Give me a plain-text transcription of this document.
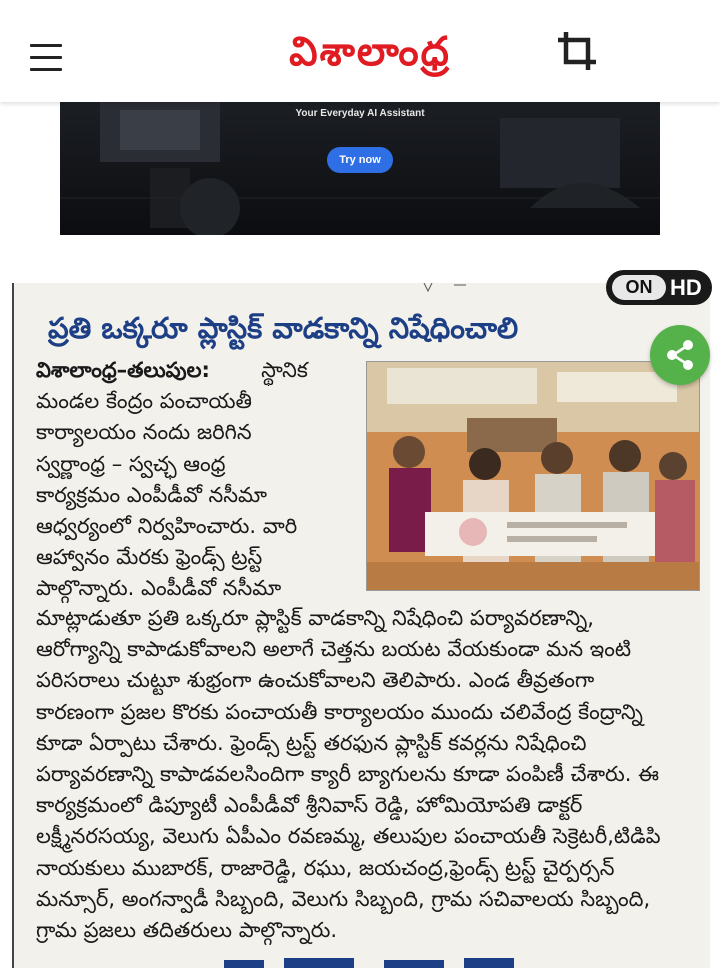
విశాలాంధ్ర
Your Everyday AI Assistant
Try now
ప్రతి ఒక్కరూ ప్లాస్టిక్ వాడకాన్ని నిషేధించాలి
విశాలాంధ్ర–తలుపుల: స్థానిక
మండల కేంద్రం పంచాయతీ
కార్యాలయం నందు జరిగిన
స్వర్ణాంధ్ర – స్వచ్ఛ ఆంధ్ర
కార్యక్రమం ఎంపీడీవో నసీమా
ఆధ్వర్యంలో నిర్వహించారు. వారి
ఆహ్వానం మేరకు ఫ్రెండ్స్ ట్రస్ట్
పాల్గొన్నారు. ఎంపీడీవో నసీమా
మాట్లాడుతూ ప్రతి ఒక్కరూ ప్లాస్టిక్ వాడకాన్ని నిషేధించి పర్యావరణాన్ని,
ఆరోగ్యాన్ని కాపాడుకోవాలని అలాగే చెత్తను బయట వేయకుండా మన ఇంటి
పరిసరాలు చుట్టూ శుభ్రంగా ఉంచుకోవాలని తెలిపారు. ఎండ తీవ్రతంగా
కారణంగా ప్రజల కొరకు పంచాయతీ కార్యాలయం ముందు చలివేంద్ర కేంద్రాన్ని
కూడా ఏర్పాటు చేశారు. ఫ్రెండ్స్ ట్రస్ట్ తరఫున ప్లాస్టిక్ కవర్లను నిషేధించి
పర్యావరణాన్ని కాపాడవలసిందిగా క్యారీ బ్యాగులను కూడా పంపిణీ చేశారు. ఈ
కార్యక్రమంలో డిప్యూటీ ఎంపీడీవో శ్రీనివాస్ రెడ్డి, హోమియోపతి డాక్టర్
లక్ష్మీనరసయ్య, వెలుగు ఏపీఎం రవణమ్మ, తలుపుల పంచాయతీ సెక్రెటరీ,టిడిపి
నాయకులు ముబారక్, రాజారెడ్డి, రఘు, జయచంద్ర,ఫ్రెండ్స్ ట్రస్ట్ చైర్పర్సన్
మన్సూర్, అంగన్వాడీ సిబ్బంది, వెలుగు సిబ్బంది, గ్రామ సచివాలయ సిబ్బంది,
గ్రామ ప్రజలు తదితరులు పాల్గొన్నారు.
ON HD
